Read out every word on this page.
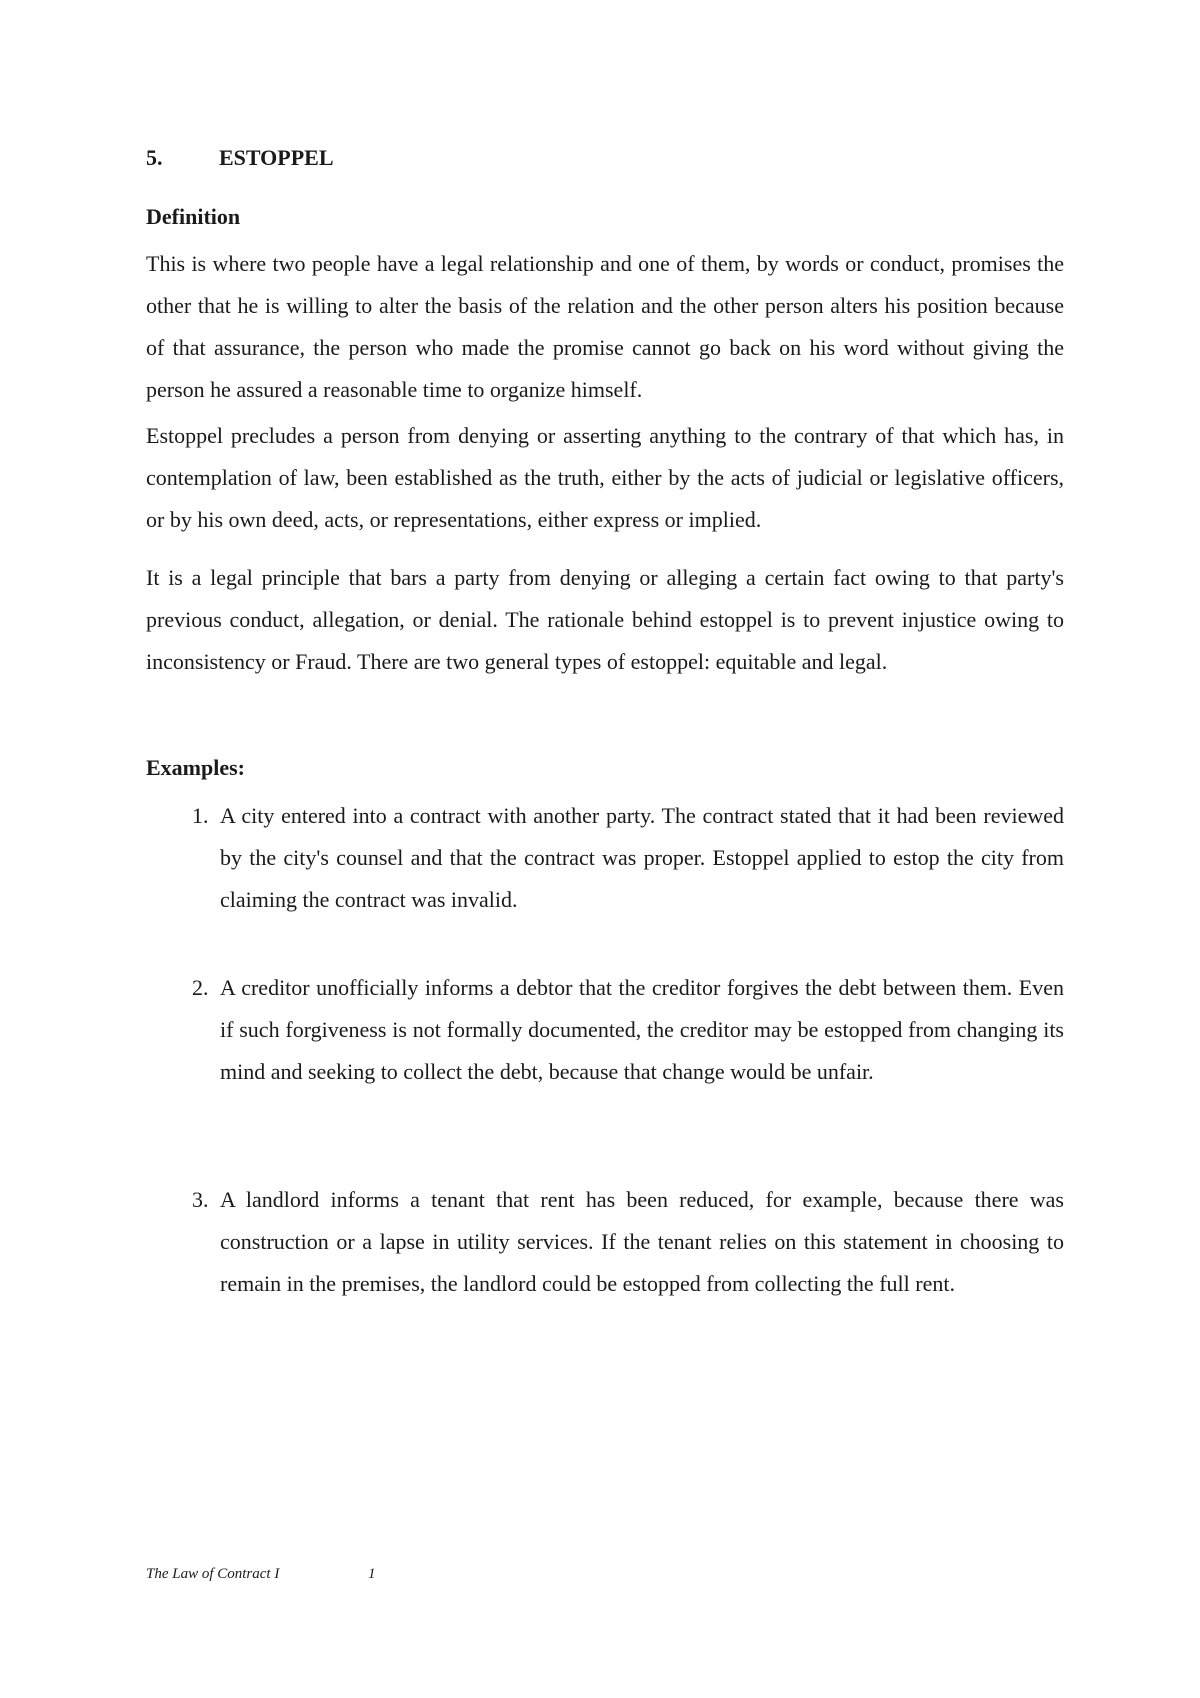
5.	ESTOPPEL
Definition

This is where two people have a legal relationship and one of them, by words or conduct, promises the other that he is willing to alter the basis of the relation and the other person alters his position because of that assurance, the person who made the promise cannot go back on his word without giving the person he assured a reasonable time to organize himself.

Estoppel precludes a person from denying or asserting anything to the contrary of that which has, in contemplation of law, been established as the truth, either by the acts of judicial or legislative officers, or by his own deed, acts, or representations, either express or implied.

It is a legal principle that bars a party from denying or alleging a certain fact owing to that party's previous conduct, allegation, or denial. The rationale behind estoppel is to prevent injustice owing to inconsistency or Fraud. There are two general types of estoppel: equitable and legal.

Examples:
1. A city entered into a contract with another party. The contract stated that it had been reviewed by the city's counsel and that the contract was proper. Estoppel applied to estop the city from claiming the contract was invalid.
2. A creditor unofficially informs a debtor that the creditor forgives the debt between them. Even if such forgiveness is not formally documented, the creditor may be estopped from changing its mind and seeking to collect the debt, because that change would be unfair.
3. A landlord informs a tenant that rent has been reduced, for example, because there was construction or a lapse in utility services. If the tenant relies on this statement in choosing to remain in the premises, the landlord could be estopped from collecting the full rent.
The Law of Contract I	1
